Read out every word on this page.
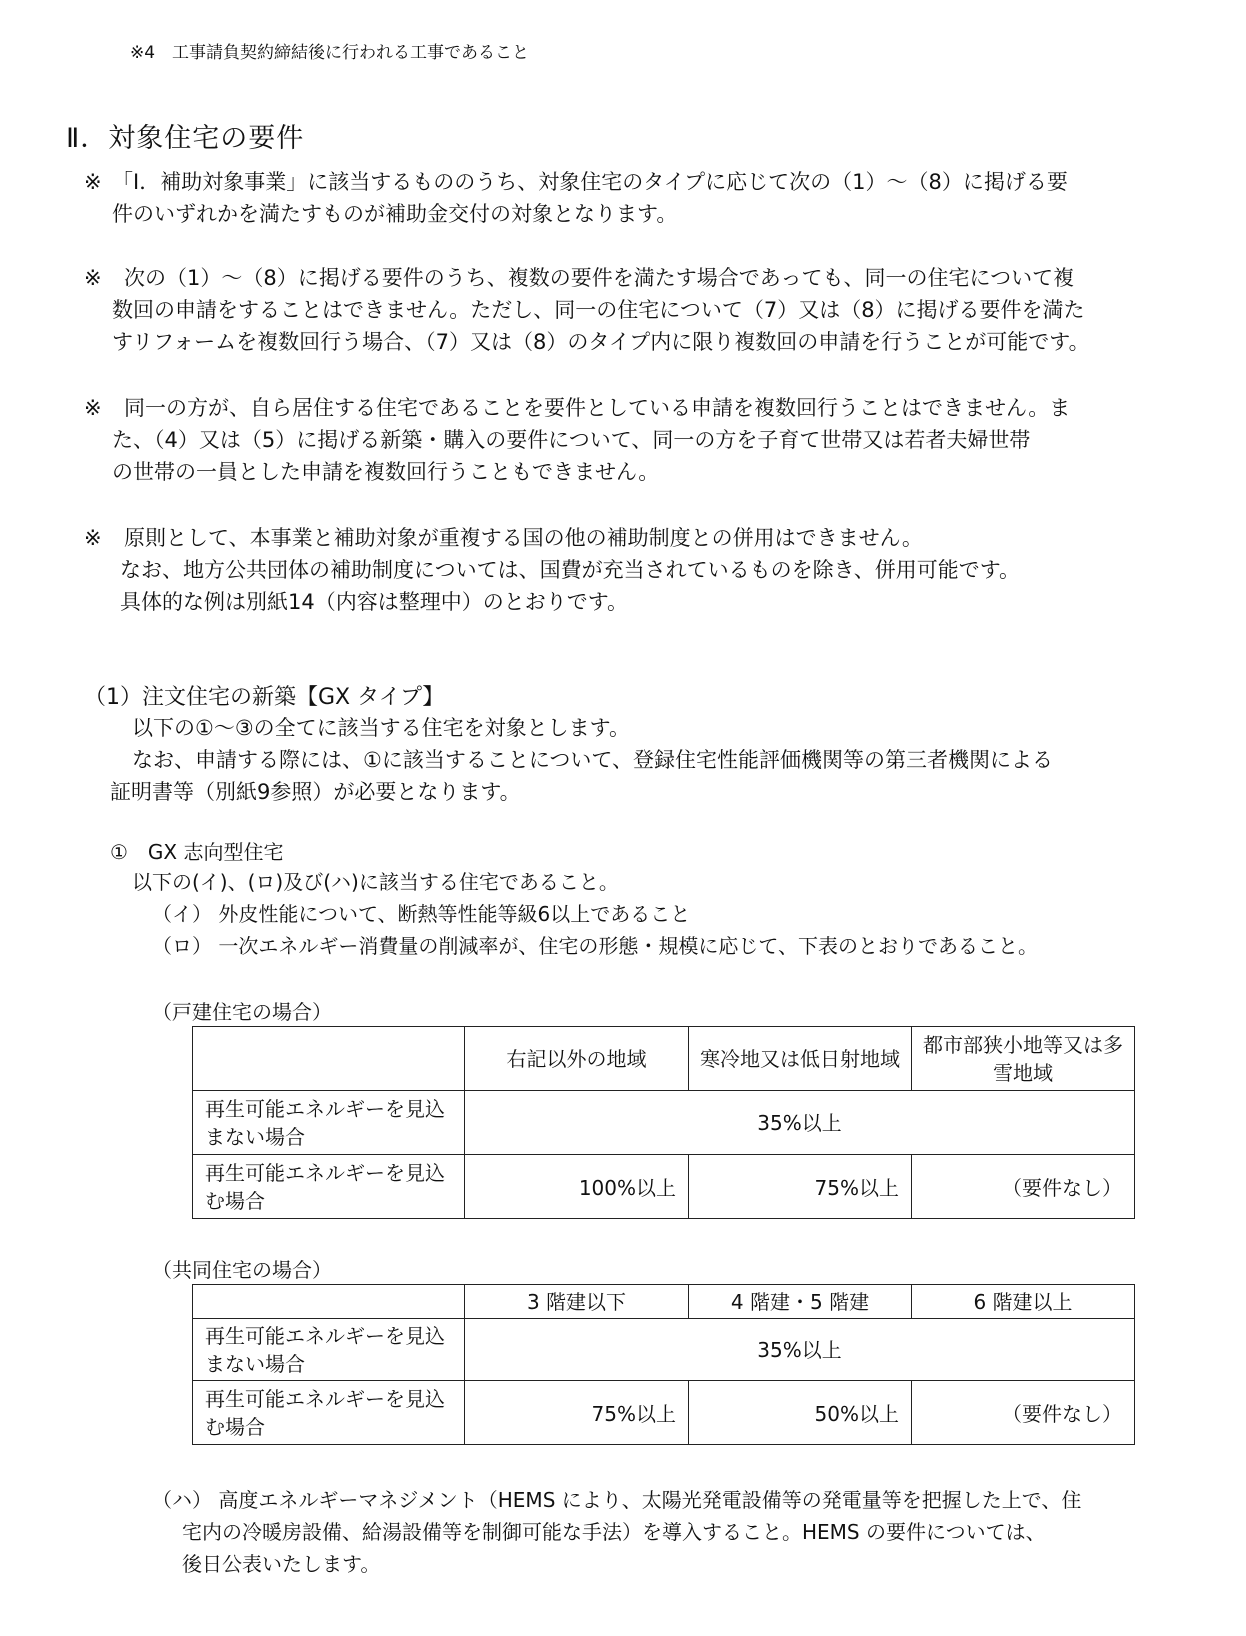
※4　工事請負契約締結後に行われる工事であること
Ⅱ．対象住宅の要件
※ 「Ⅰ．補助対象事業」に該当するもののうち、対象住宅のタイプに応じて次の（1）～（8）に掲げる要
件のいずれかを満たすものが補助金交付の対象となります。
※ 次の（1）～（8）に掲げる要件のうち、複数の要件を満たす場合であっても、同一の住宅について複
数回の申請をすることはできません。ただし、同一の住宅について（7）又は（8）に掲げる要件を満た
すリフォームを複数回行う場合、（7）又は（8）のタイプ内に限り複数回の申請を行うことが可能です。
※ 同一の方が、自ら居住する住宅であることを要件としている申請を複数回行うことはできません。ま
た、（4）又は（5）に掲げる新築・購入の要件について、同一の方を子育て世帯又は若者夫婦世帯
の世帯の一員とした申請を複数回行うこともできません。
※ 原則として、本事業と補助対象が重複する国の他の補助制度との併用はできません。
なお、地方公共団体の補助制度については、国費が充当されているものを除き、併用可能です。
具体的な例は別紙14（内容は整理中）のとおりです。
（1）注文住宅の新築【GX タイプ】
以下の①～③の全てに該当する住宅を対象とします。
なお、申請する際には、①に該当することについて、登録住宅性能評価機関等の第三者機関による
証明書等（別紙9参照）が必要となります。
①　GX 志向型住宅
以下の(イ)、(ロ)及び(ハ)に該当する住宅であること。
（イ） 外皮性能について、断熱等性能等級6以上であること
（ロ） 一次エネルギー消費量の削減率が、住宅の形態・規模に応じて、下表のとおりであること。
（戸建住宅の場合）
	右記以外の地域	寒冷地又は低日射地域	都市部狭小地等又は多雪地域
再生可能エネルギーを見込まない場合	35%以上		
再生可能エネルギーを見込む場合	100%以上	75%以上	（要件なし）
（共同住宅の場合）
	3 階建以下	4 階建・5 階建	6 階建以上
再生可能エネルギーを見込まない場合	35%以上		
再生可能エネルギーを見込む場合	75%以上	50%以上	（要件なし）
（ハ） 高度エネルギーマネジメント（HEMS により、太陽光発電設備等の発電量等を把握した上で、住
宅内の冷暖房設備、給湯設備等を制御可能な手法）を導入すること。HEMS の要件については、
後日公表いたします。
